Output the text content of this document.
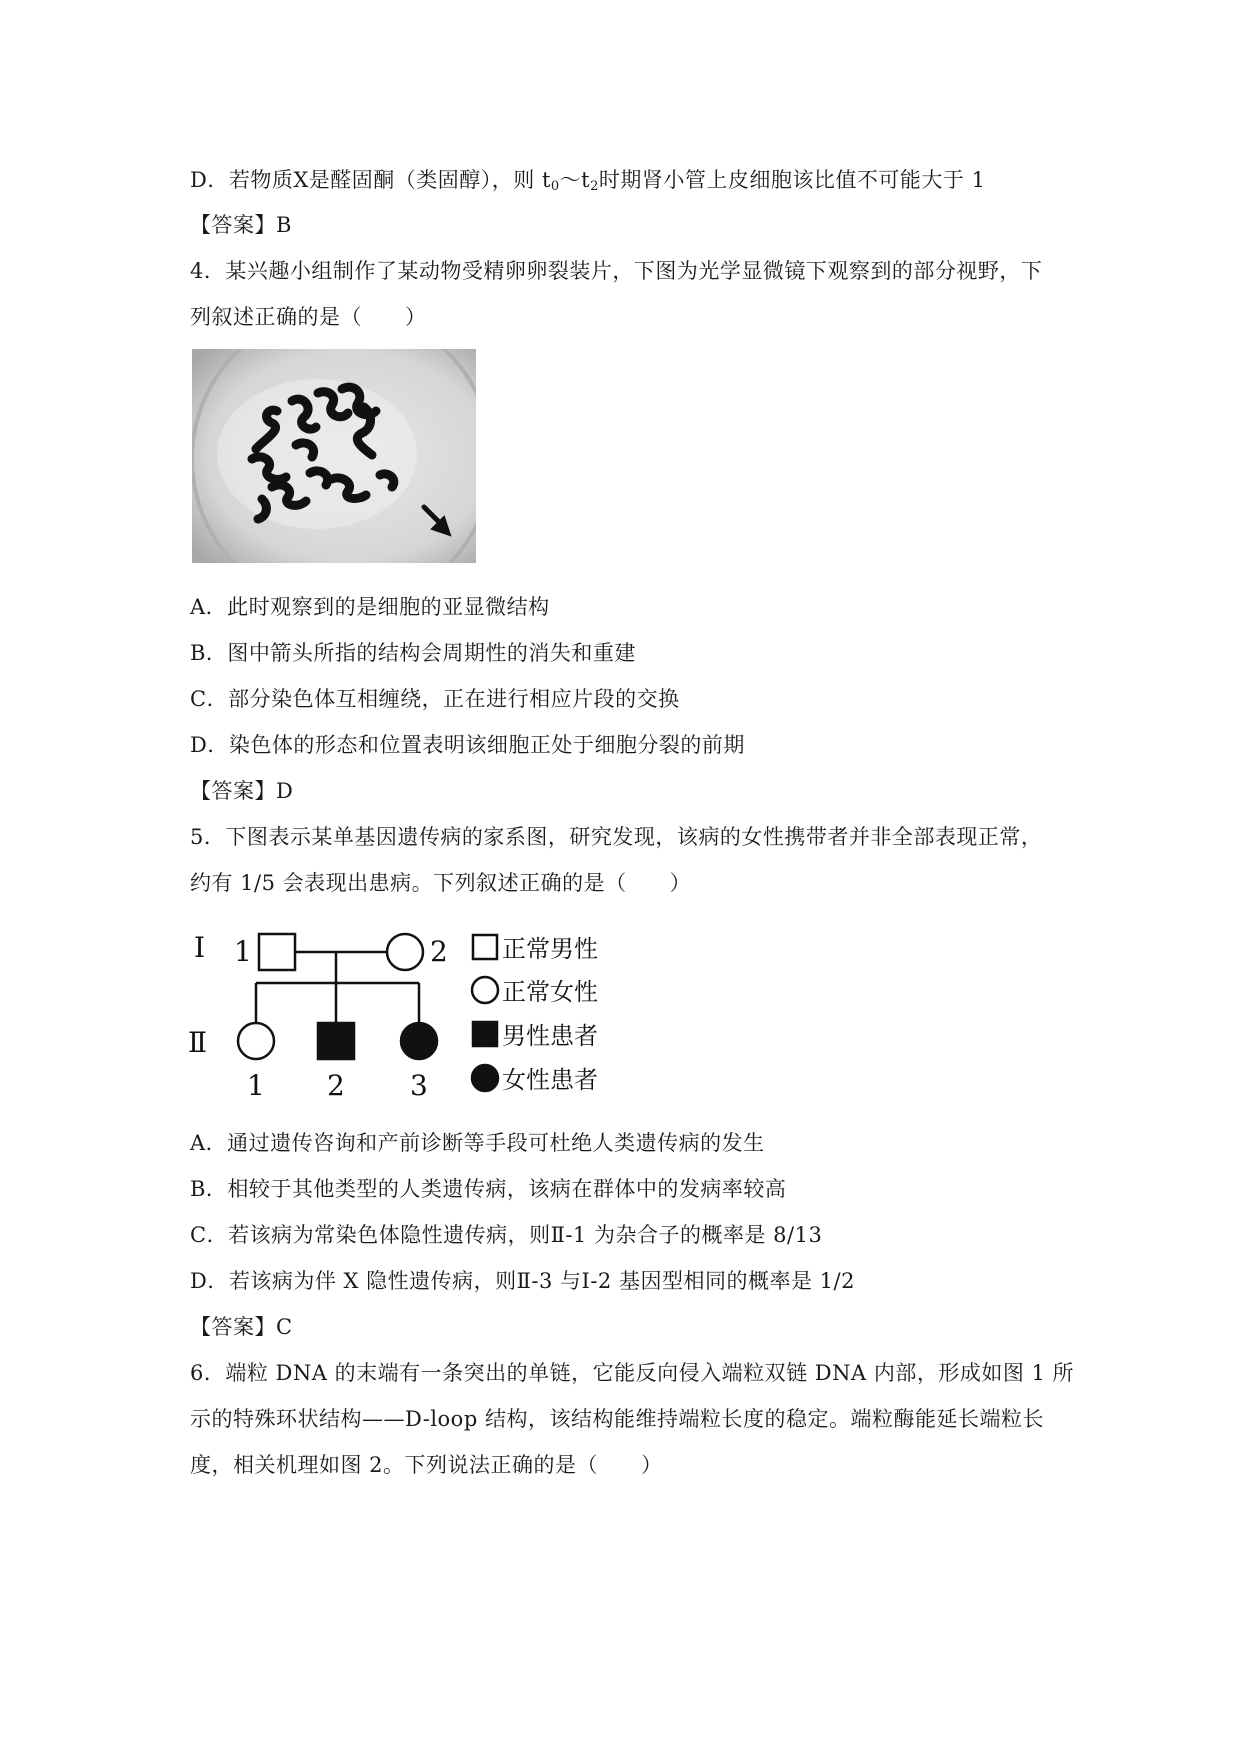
D．若物质X是醛固酮（类固醇），则 $t_0\sim t_2$时期肾小管上皮细胞该比值不可能大于 1
【答案】B
4．某兴趣小组制作了某动物受精卵卵裂装片，下图为光学显微镜下观察到的部分视野，下
列叙述正确的是（　　）
A．此时观察到的是细胞的亚显微结构
B．图中箭头所指的结构会周期性的消失和重建
C．部分染色体互相缠绕，正在进行相应片段的交换
D．染色体的形态和位置表明该细胞正处于细胞分裂的前期
【答案】D
5．下图表示某单基因遗传病的家系图，研究发现，该病的女性携带者并非全部表现正常，
约有 1/5 会表现出患病。下列叙述正确的是（　　）
Ⅰ 1	2
Ⅱ
1 2 3
正常男性
正常女性
男性患者
女性患者
A．通过遗传咨询和产前诊断等手段可杜绝人类遗传病的发生
B．相较于其他类型的人类遗传病，该病在群体中的发病率较高
C．若该病为常染色体隐性遗传病，则Ⅱ-1 为杂合子的概率是 8/13
D．若该病为伴 X 隐性遗传病，则Ⅱ-3 与Ⅰ-2 基因型相同的概率是 1/2
【答案】C
6．端粒 DNA 的末端有一条突出的单链，它能反向侵入端粒双链 DNA 内部，形成如图 1 所
示的特殊环状结构——D-loop 结构，该结构能维持端粒长度的稳定。端粒酶能延长端粒长
度，相关机理如图 2。下列说法正确的是（　　）
